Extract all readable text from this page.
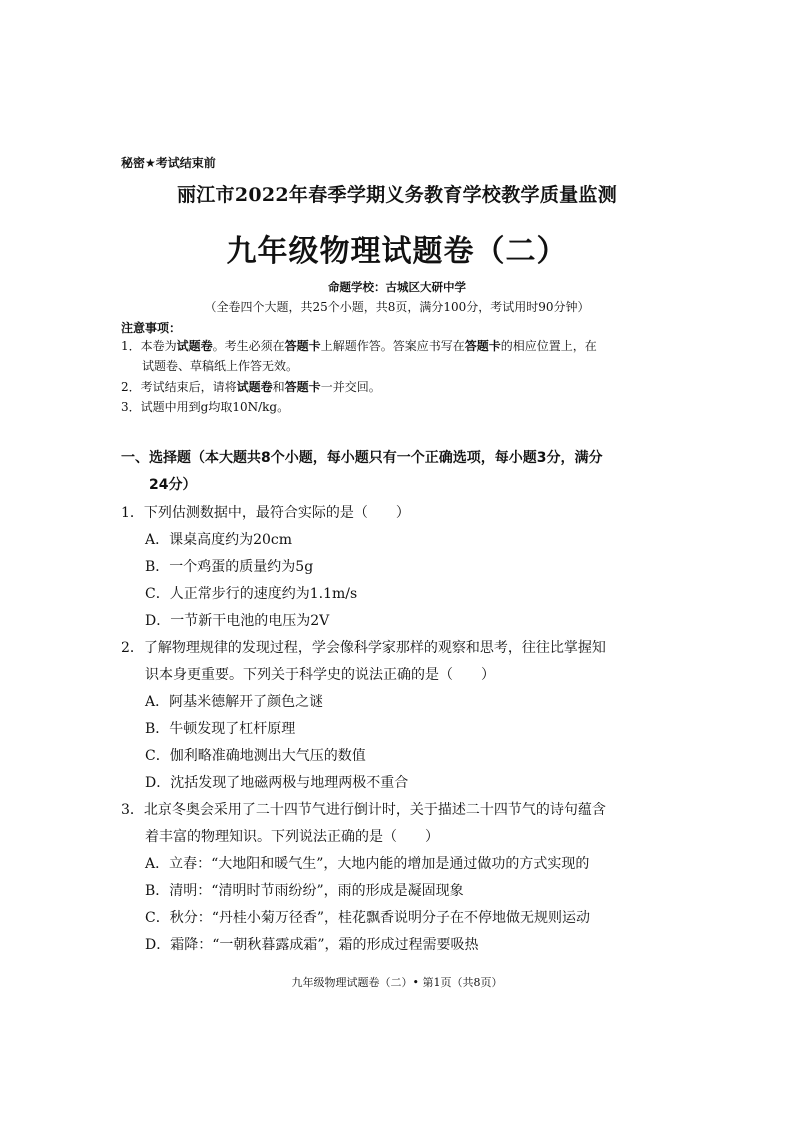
秘密★考试结束前
丽江市2022年春季学期义务教育学校教学质量监测
九年级物理试题卷（二）
命题学校：古城区大研中学
（全卷四个大题，共25个小题，共8页，满分100分，考试用时90分钟）
注意事项：
1．本卷为试题卷。考生必须在答题卡上解题作答。答案应书写在答题卡的相应位置上，在
试题卷、草稿纸上作答无效。
2．考试结束后，请将试题卷和答题卡一并交回。
3．试题中用到g均取10N/kg。
一、选择题（本大题共8个小题，每小题只有一个正确选项，每小题3分，满分
24分）
1．下列估测数据中，最符合实际的是（　　）
A．课桌高度约为20cm
B．一个鸡蛋的质量约为5g
C．人正常步行的速度约为1.1m/s
D．一节新干电池的电压为2V
2．了解物理规律的发现过程，学会像科学家那样的观察和思考，往往比掌握知
识本身更重要。下列关于科学史的说法正确的是（　　）
A．阿基米德解开了颜色之谜
B．牛顿发现了杠杆原理
C．伽利略准确地测出大气压的数值
D．沈括发现了地磁两极与地理两极不重合
3．北京冬奥会采用了二十四节气进行倒计时，关于描述二十四节气的诗句蕴含
着丰富的物理知识。下列说法正确的是（　　）
A．立春：“大地阳和暖气生”，大地内能的增加是通过做功的方式实现的
B．清明：“清明时节雨纷纷”，雨的形成是凝固现象
C．秋分：“丹桂小菊万径香”，桂花飘香说明分子在不停地做无规则运动
D．霜降：“一朝秋暮露成霜”，霜的形成过程需要吸热
九年级物理试题卷（二）• 第1页（共8页）
